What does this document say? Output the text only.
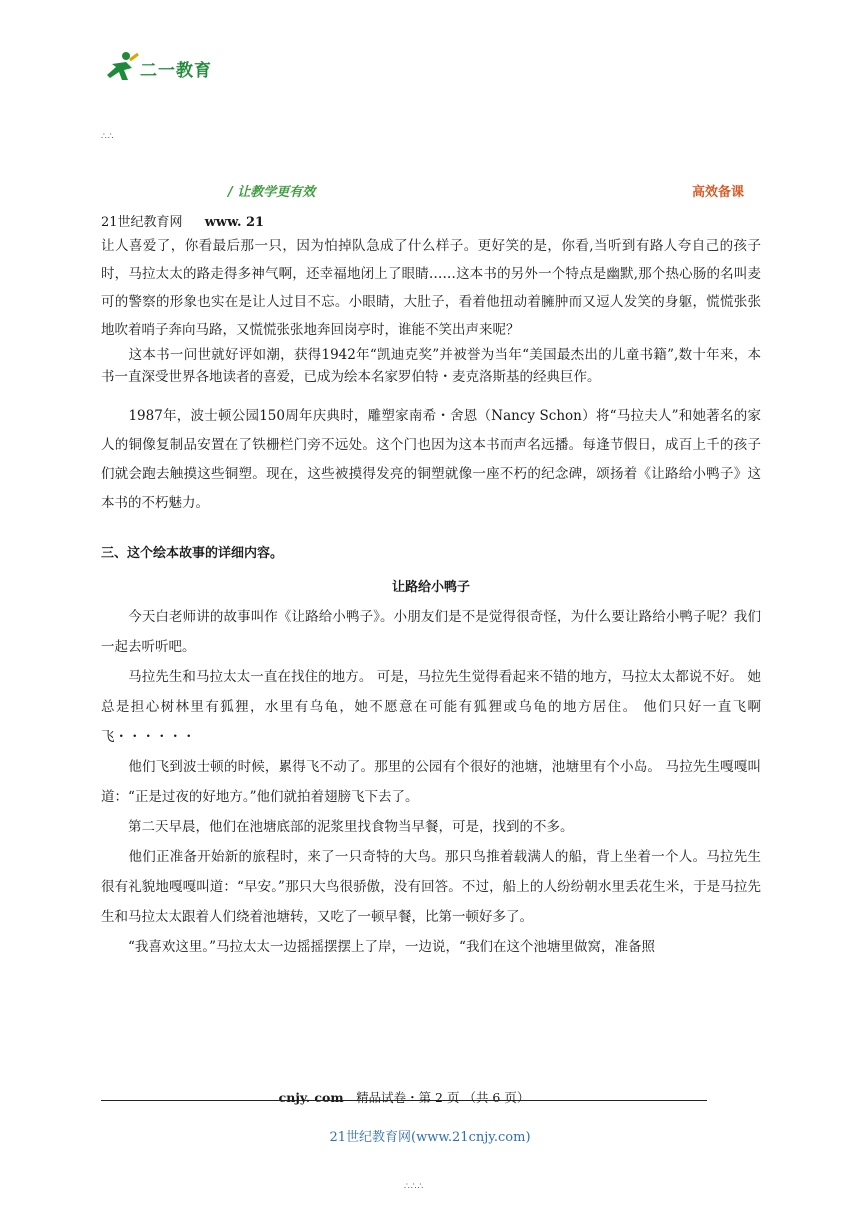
二一教育
∴∴
/ 让教学更有效	高效备课
21世纪教育网 www. 21

让人喜爱了，你看最后那一只，因为怕掉队急成了什么样子。更好笑的是，你看,当听到有路人夸自己的孩子时，马拉太太的路走得多神气啊，还幸福地闭上了眼睛……这本书的另外一个特点是幽默,那个热心肠的名叫麦可的警察的形象也实在是让人过目不忘。小眼睛，大肚子，看着他扭动着臃肿而又逗人发笑的身躯，慌慌张张地吹着哨子奔向马路，又慌慌张张地奔回岗亭时，谁能不笑出声来呢？

　　这本书一问世就好评如潮，获得1942年“凯迪克奖”并被誉为当年“美国最杰出的儿童书籍”,数十年来，本书一直深受世界各地读者的喜爱，已成为绘本名家罗伯特・麦克洛斯基的经典巨作。

　　1987年，波士顿公园150周年庆典时，雕塑家南希・舍恩（Nancy Schon）将“马拉夫人”和她著名的家人的铜像复制品安置在了铁栅栏门旁不远处。这个门也因为这本书而声名远播。每逢节假日，成百上千的孩子们就会跑去触摸这些铜塑。现在，这些被摸得发亮的铜塑就像一座不朽的纪念碑，颂扬着《让路给小鸭子》这本书的不朽魅力。

三、这个绘本故事的详细内容。

让路给小鸭子

　　今天白老师讲的故事叫作《让路给小鸭子》。小朋友们是不是觉得很奇怪，为什么要让路给小鸭子呢？我们一起去听听吧。

　　马拉先生和马拉太太一直在找住的地方。 可是，马拉先生觉得看起来不错的地方，马拉太太都说不好。 她总是担心树林里有狐狸，水里有乌龟，她不愿意在可能有狐狸或乌龟的地方居住。 他们只好一直飞啊飞・・・・・・

　　他们飞到波士顿的时候，累得飞不动了。那里的公园有个很好的池塘，池塘里有个小岛。 马拉先生嘎嘎叫道：“正是过夜的好地方。”他们就拍着翅膀飞下去了。

　　第二天早晨，他们在池塘底部的泥浆里找食物当早餐，可是，找到的不多。

　　他们正准备开始新的旅程时，来了一只奇特的大鸟。那只鸟推着载满人的船，背上坐着一个人。马拉先生很有礼貌地嘎嘎叫道：“早安。”那只大鸟很骄傲，没有回答。不过，船上的人纷纷朝水里丢花生米，于是马拉先生和马拉太太跟着人们绕着池塘转，又吃了一顿早餐，比第一顿好多了。

　　“我喜欢这里。”马拉太太一边摇摇摆摆上了岸，一边说，“我们在这个池塘里做窝，准备照

cnjy. com　精品试卷・第 2 页 （共 6 页）
21世纪教育网(www.21cnjy.com)
∴∴∴
